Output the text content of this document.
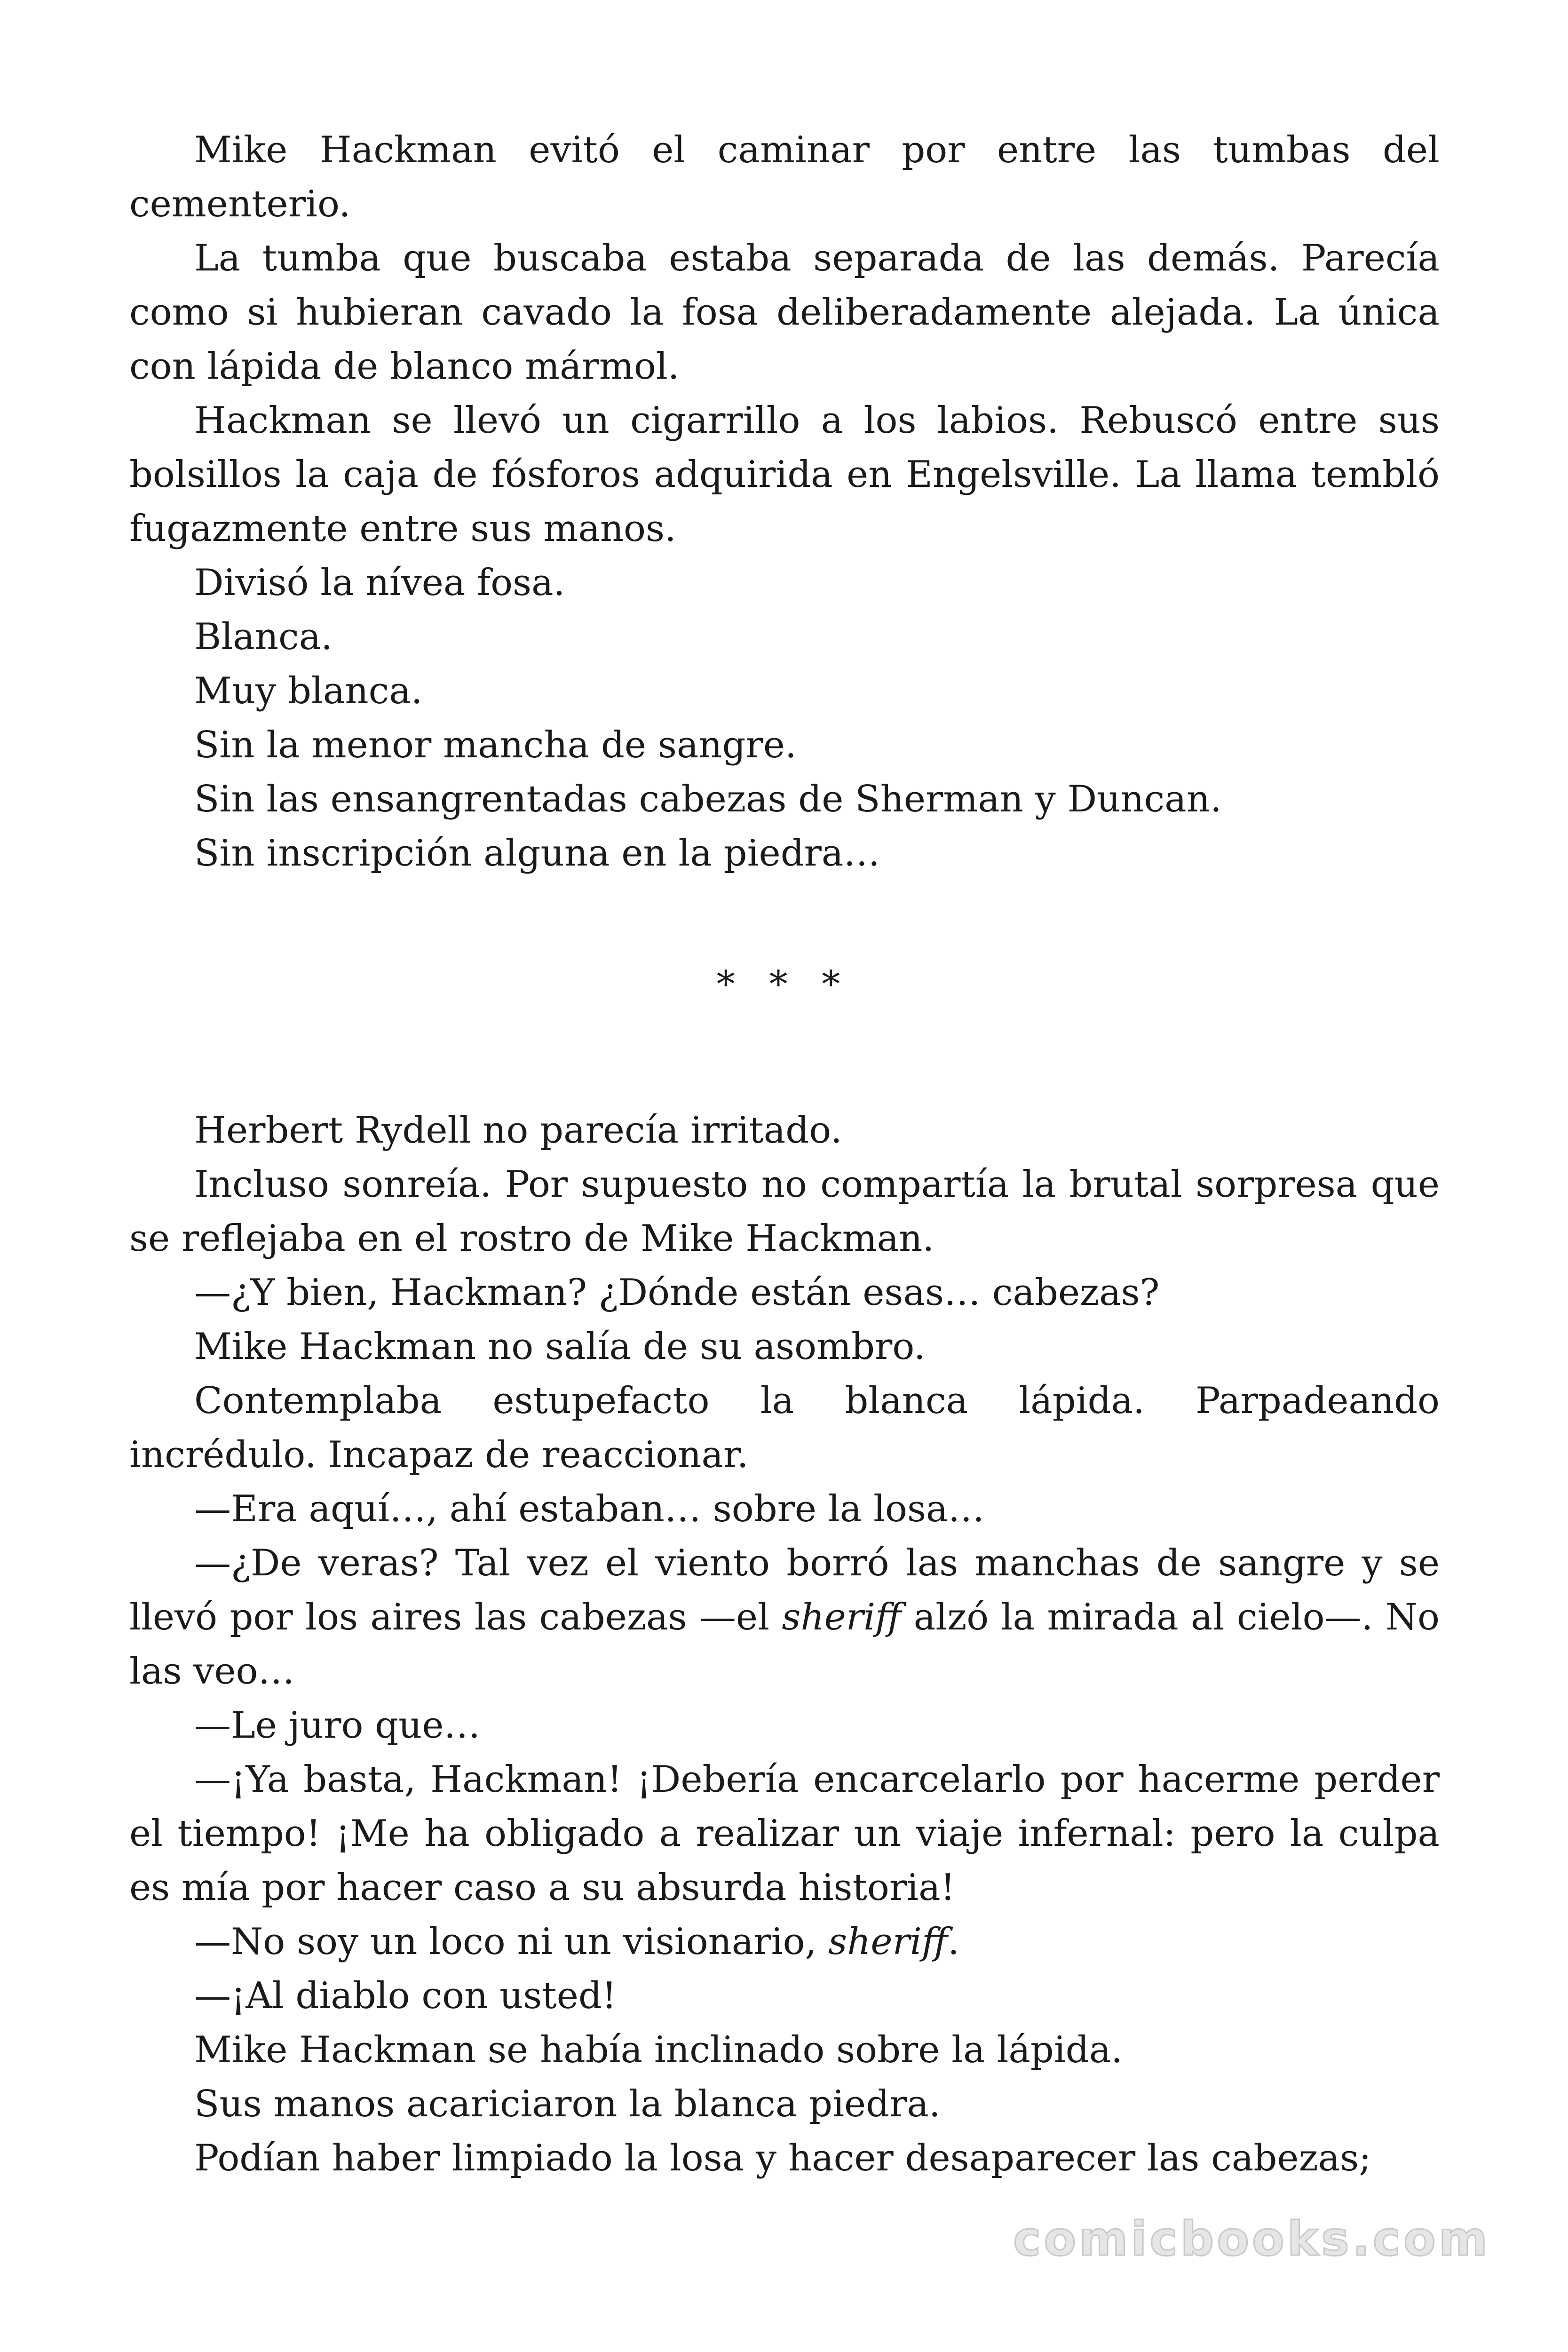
Mike Hackman evitó el caminar por entre las tumbas del cementerio.

La tumba que buscaba estaba separada de las demás. Parecía como si hubieran cavado la fosa deliberadamente alejada. La única con lápida de blanco mármol.

Hackman se llevó un cigarrillo a los labios. Rebuscó entre sus bolsillos la caja de fósforos adquirida en Engelsville. La llama tembló fugazmente entre sus manos.

Divisó la nívea fosa.

Blanca.

Muy blanca.

Sin la menor mancha de sangre.

Sin las ensangrentadas cabezas de Sherman y Duncan.

Sin inscripción alguna en la piedra…

* * *

Herbert Rydell no parecía irritado.

Incluso sonreía. Por supuesto no compartía la brutal sorpresa que se reflejaba en el rostro de Mike Hackman.

—¿Y bien, Hackman? ¿Dónde están esas… cabezas?

Mike Hackman no salía de su asombro.

Contemplaba estupefacto la blanca lápida. Parpadeando incrédulo. Incapaz de reaccionar.

—Era aquí…, ahí estaban… sobre la losa…

—¿De veras? Tal vez el viento borró las manchas de sangre y se llevó por los aires las cabezas —el sheriff alzó la mirada al cielo—. No las veo…

—Le juro que…

—¡Ya basta, Hackman! ¡Debería encarcelarlo por hacerme perder el tiempo! ¡Me ha obligado a realizar un viaje infernal: pero la culpa es mía por hacer caso a su absurda historia!

—No soy un loco ni un visionario, sheriff.

—¡Al diablo con usted!

Mike Hackman se había inclinado sobre la lápida.

Sus manos acariciaron la blanca piedra.

Podían haber limpiado la losa y hacer desaparecer las cabezas;

comicbooks.com
